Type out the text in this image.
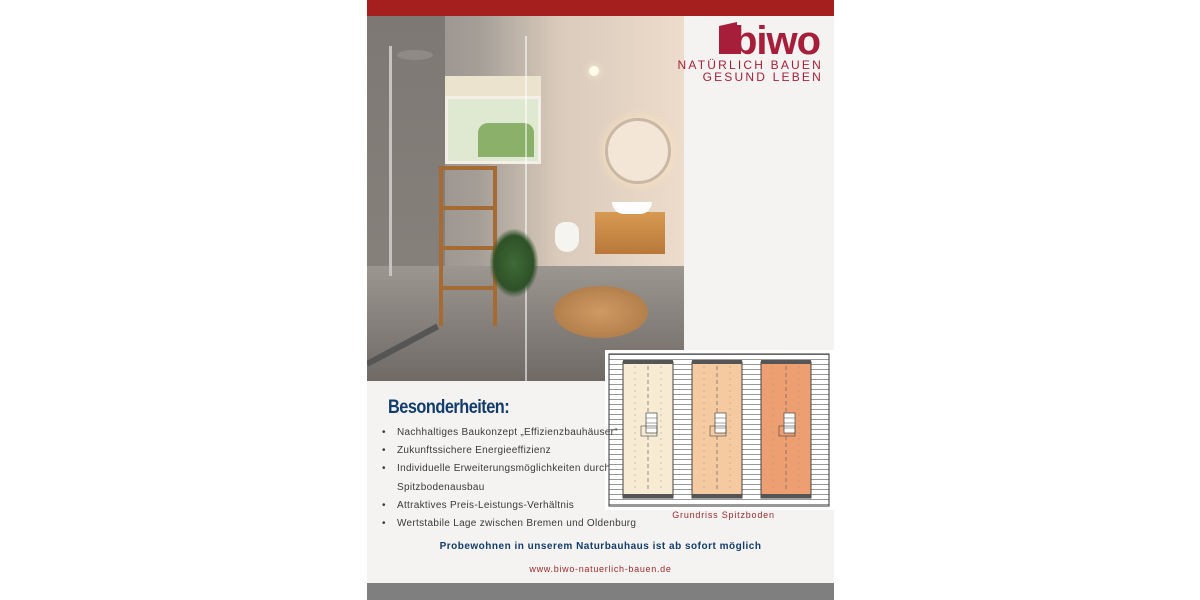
biwo
NATÜRLICH BAUEN
GESUND LEBEN
Grundriss Spitzboden
Besonderheiten:
• Nachhaltiges Baukonzept „Effizienzbauhäuser“
• Zukunftssichere Energieeffizienz
• Individuelle Erweiterungsmöglichkeiten durch Spitzbodenausbau
• Attraktives Preis-Leistungs-Verhältnis
• Wertstabile Lage zwischen Bremen und Oldenburg
Probewohnen in unserem Naturbauhaus ist ab sofort möglich
www.biwo-natuerlich-bauen.de
